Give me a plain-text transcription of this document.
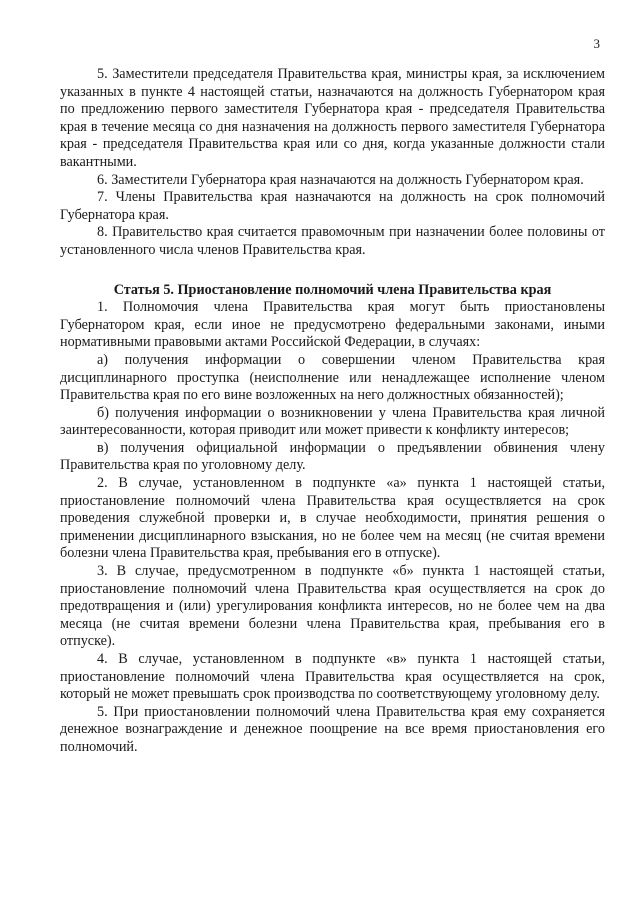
3

5. Заместители председателя Правительства края, министры края, за исключением указанных в пункте 4 настоящей статьи, назначаются на должность Губернатором края по предложению первого заместителя Губернатора края - председателя Правительства края в течение месяца со дня назначения на должность первого заместителя Губернатора края - председателя Правительства края или со дня, когда указанные должности стали вакантными.

6. Заместители Губернатора края назначаются на должность Губернатором края.

7. Члены Правительства края назначаются на должность на срок полномочий Губернатора края.

8. Правительство края считается правомочным при назначении более половины от установленного числа членов Правительства края.

Статья 5. Приостановление полномочий члена Правительства края

1. Полномочия члена Правительства края могут быть приостановлены Губернатором края, если иное не предусмотрено федеральными законами, иными нормативными правовыми актами Российской Федерации, в случаях:

а) получения информации о совершении членом Правительства края дисциплинарного проступка (неисполнение или ненадлежащее исполнение членом Правительства края по его вине возложенных на него должностных обязанностей);

б) получения информации о возникновении у члена Правительства края личной заинтересованности, которая приводит или может привести к конфликту интересов;

в) получения официальной информации о предъявлении обвинения члену Правительства края по уголовному делу.

2. В случае, установленном в подпункте «а» пункта 1 настоящей статьи, приостановление полномочий члена Правительства края осуществляется на срок проведения служебной проверки и, в случае необходимости, принятия решения о применении дисциплинарного взыскания, но не более чем на месяц (не считая времени болезни члена Правительства края, пребывания его в отпуске).

3. В случае, предусмотренном в подпункте «б» пункта 1 настоящей статьи, приостановление полномочий члена Правительства края осуществляется на срок до предотвращения и (или) урегулирования конфликта интересов, но не более чем на два месяца (не считая времени болезни члена Правительства края, пребывания его в отпуске).

4. В случае, установленном в подпункте «в» пункта 1 настоящей статьи, приостановление полномочий члена Правительства края осуществляется на срок, который не может превышать срок производства по соответствующему уголовному делу.

5. При приостановлении полномочий члена Правительства края ему сохраняется денежное вознаграждение и денежное поощрение на все время приостановления его полномочий.
